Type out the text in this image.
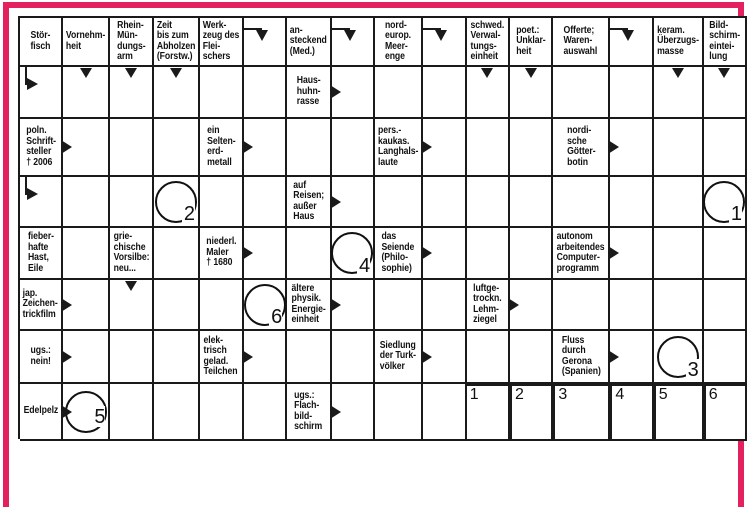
Stör-
fisch
Vornehm-
heit
Rhein-
Mün-
dungs-
arm
Zeit
bis zum
Abholzen
(Forstw.)
Werk-
zeug des
Flei-
schers
an-
steckend
(Med.)
nord-
europ.
Meer-
enge
schwed.
Verwal-
tungs-
einheit
poet.:
Unklar-
heit
Offerte;
Waren-
auswahl
keram.
Überzugs-
masse
Bild-
schirm-
eintei-
lung
Haus-
huhn-
rasse
poln.
Schrift-
steller
† 2006
ein
Selten-
erd-
metall
pers.-
kaukas.
Langhals-
laute
nordi-
sche
Götter-
botin
2
auf
Reisen;
außer
Haus	1
fieber-
hafte
Hast,
Eile
grie-
chische
Vorsilbe:
neu...
niederl.
Maler
† 1680	4
das
Seiende
(Philo-
sophie)
autonom
arbeitendes
Computer-
programm
jap.
Zeichen-
trickfilm	6
ältere
physik.
Energie-
einheit
luftge-
trockn.
Lehm-
ziegel
ugs.:
nein!
elek-
trisch
gelad.
Teilchen
Siedlung
der Turk-
völker
Fluss
durch
Gerona
(Spanien)	3
Edelpelz 5
ugs.:
Flach-
bild-
schirm
1 2 3	4 5	6
